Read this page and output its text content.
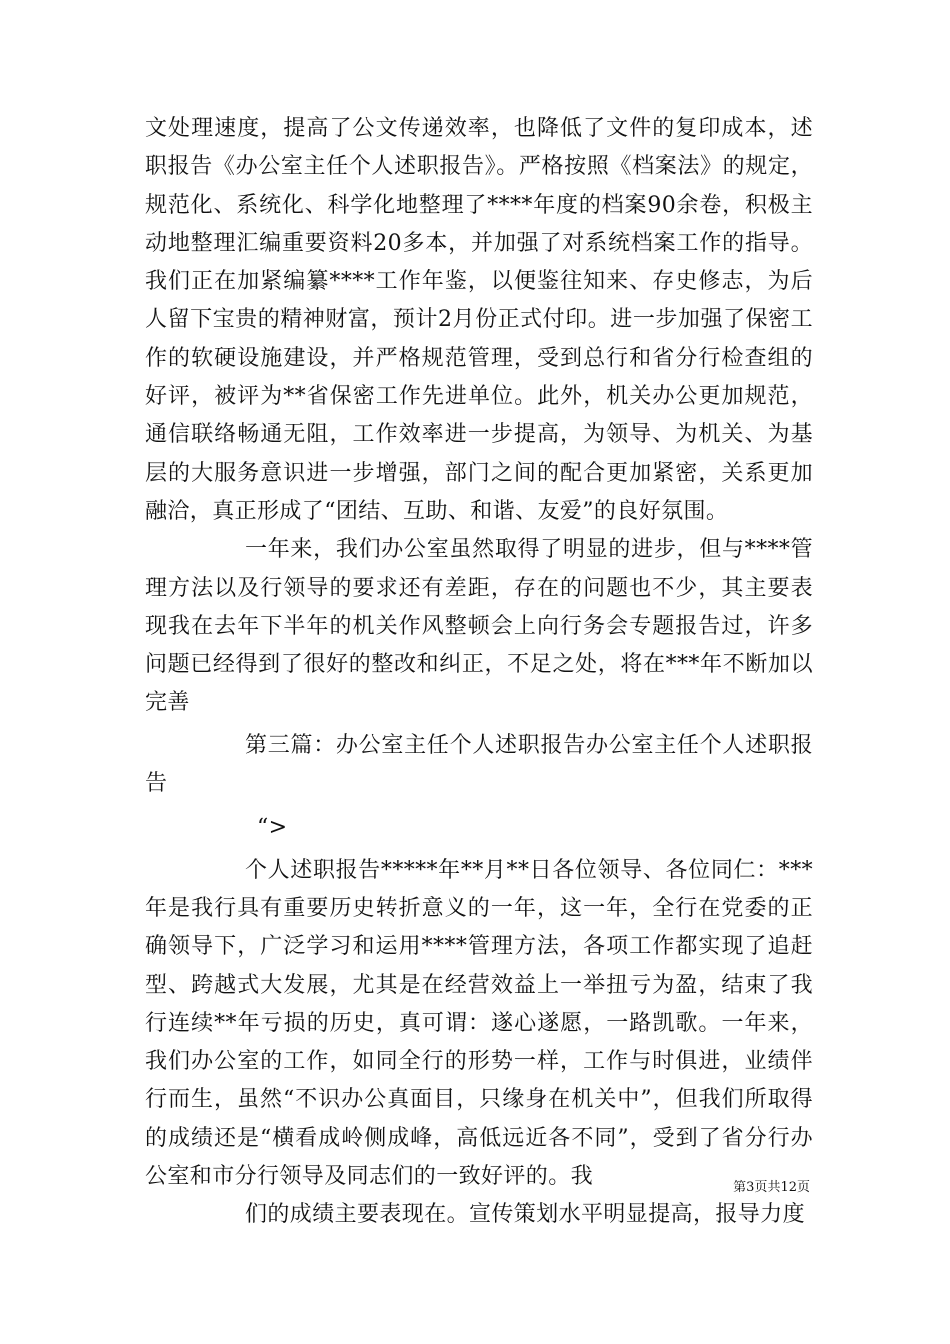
文处理速度，提高了公文传递效率，也降低了文件的复印成本，述职报告《办公室主任个人述职报告》。严格按照《档案法》的规定，规范化、系统化、科学化地整理了****年度的档案90余卷，积极主动地整理汇编重要资料20多本，并加强了对系统档案工作的指导。我们正在加紧编纂****工作年鉴，以便鉴往知来、存史修志，为后人留下宝贵的精神财富，预计2月份正式付印。进一步加强了保密工作的软硬设施建设，并严格规范管理，受到总行和省分行检查组的好评，被评为**省保密工作先进单位。此外，机关办公更加规范，通信联络畅通无阻，工作效率进一步提高，为领导、为机关、为基层的大服务意识进一步增强，部门之间的配合更加紧密，关系更加融洽，真正形成了“团结、互助、和谐、友爱”的良好氛围。

一年来，我们办公室虽然取得了明显的进步，但与****管理方法以及行领导的要求还有差距，存在的问题也不少，其主要表现我在去年下半年的机关作风整顿会上向行务会专题报告过，许多问题已经得到了很好的整改和纠正，不足之处，将在***年不断加以完善

第三篇：办公室主任个人述职报告办公室主任个人述职报告

“>

个人述职报告*****年**月**日各位领导、各位同仁：***年是我行具有重要历史转折意义的一年，这一年，全行在党委的正确领导下，广泛学习和运用****管理方法，各项工作都实现了追赶型、跨越式大发展，尤其是在经营效益上一举扭亏为盈，结束了我行连续**年亏损的历史，真可谓：遂心遂愿，一路凯歌。一年来，我们办公室的工作，如同全行的形势一样，工作与时俱进，业绩伴行而生，虽然“不识办公真面目，只缘身在机关中”，但我们所取得的成绩还是“横看成岭侧成峰，高低远近各不同”，受到了省分行办公室和市分行领导及同志们的一致好评的。我

们的成绩主要表现在。宣传策划水平明显提高，报导力度

第3页共12页
